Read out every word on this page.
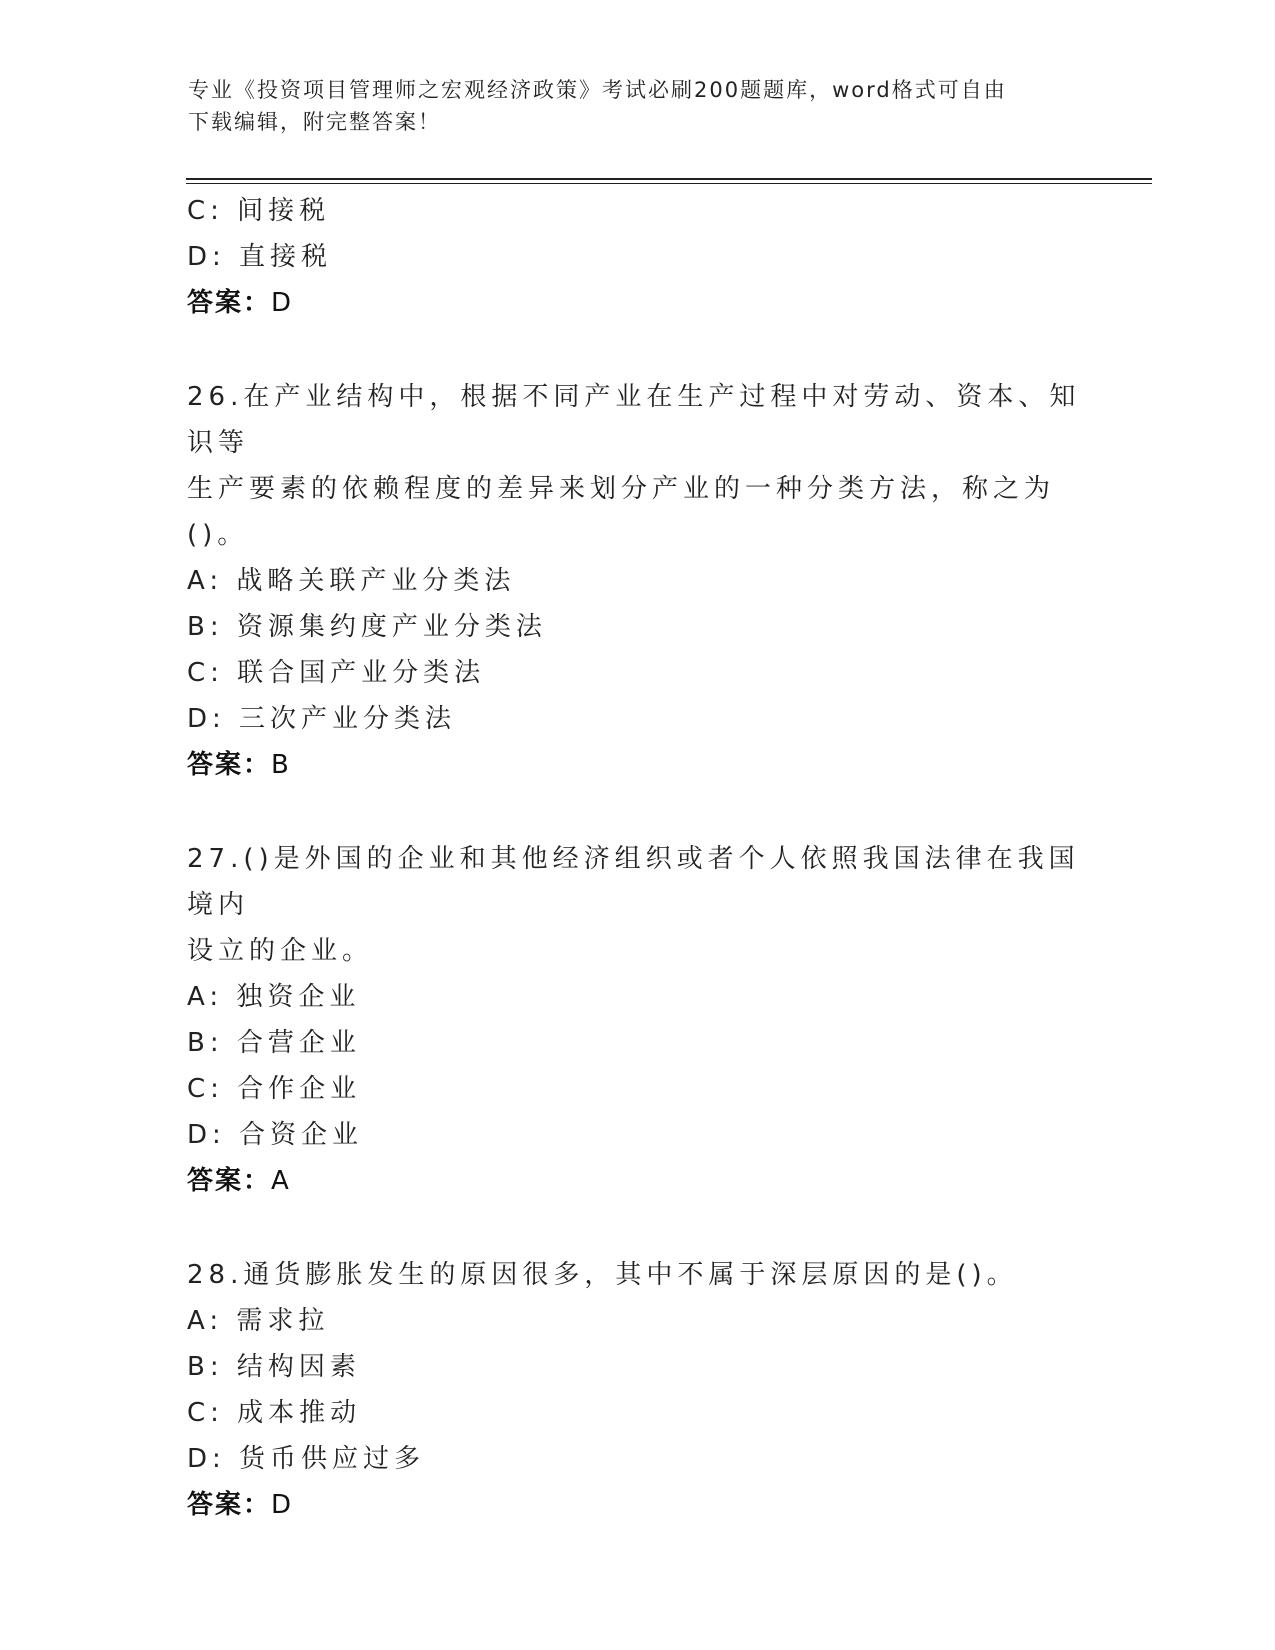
专业《投资项目管理师之宏观经济政策》考试必刷200题题库，word格式可自由
下载编辑，附完整答案！
C: 间接税
D: 直接税
答案：D
26.在产业结构中，根据不同产业在生产过程中对劳动、资本、知识等
生产要素的依赖程度的差异来划分产业的一种分类方法，称之为()。
A: 战略关联产业分类法
B: 资源集约度产业分类法
C: 联合国产业分类法
D: 三次产业分类法
答案：B
27.()是外国的企业和其他经济组织或者个人依照我国法律在我国境内
设立的企业。
A: 独资企业
B: 合营企业
C: 合作企业
D: 合资企业
答案：A
28.通货膨胀发生的原因很多，其中不属于深层原因的是()。
A: 需求拉
B: 结构因素
C: 成本推动
D: 货币供应过多
答案：D
